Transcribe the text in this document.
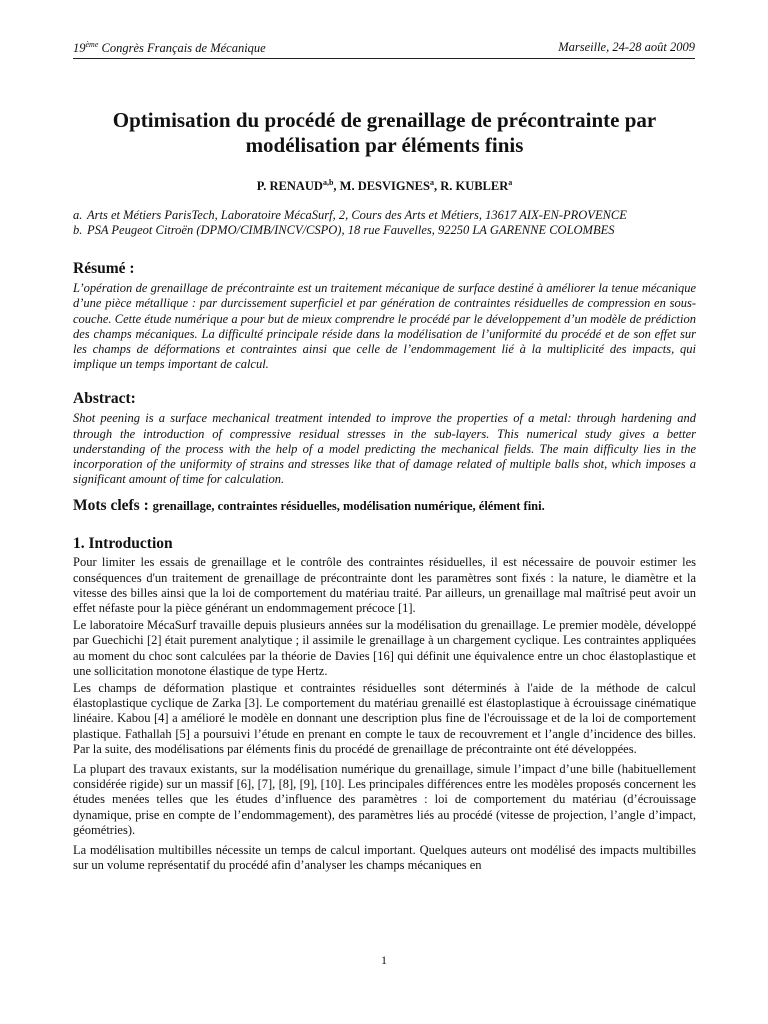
19ème Congrès Français de Mécanique	Marseille, 24-28 août 2009
Optimisation du procédé de grenaillage de précontrainte par modélisation par éléments finis

P. RENAUD$^{a,b}$, M. DESVIGNES$^a$, R. KUBLER$^a$

a. Arts et Métiers ParisTech, Laboratoire MécaSurf, 2, Cours des Arts et Métiers, 13617 AIX-EN-PROVENCE
b. PSA Peugeot Citroën (DPMO/CIMB/INCV/CSPO), 18 rue Fauvelles, 92250 LA GARENNE COLOMBES
Résumé :

L’opération de grenaillage de précontrainte est un traitement mécanique de surface destiné à améliorer la tenue mécanique d’une pièce métallique : par durcissement superficiel et par génération de contraintes résiduelles de compression en sous-couche. Cette étude numérique a pour but de mieux comprendre le procédé par le développement d’un modèle de prédiction des champs mécaniques. La difficulté principale réside dans la modélisation de l’uniformité du procédé et de son effet sur les champs de déformations et contraintes ainsi que celle de l’endommagement lié à la multiplicité des impacts, qui implique un temps important de calcul.

Abstract:

Shot peening is a surface mechanical treatment intended to improve the properties of a metal: through hardening and through the introduction of compressive residual stresses in the sub-layers. This numerical study gives a better understanding of the process with the help of a model predicting the mechanical fields. The main difficulty lies in the incorporation of the uniformity of strains and stresses like that of damage related of multiple balls shot, which imposes a significant amount of time for calculation.

Mots clefs : grenaillage, contraintes résiduelles, modélisation numérique, élément fini.

1. Introduction

Pour limiter les essais de grenaillage et le contrôle des contraintes résiduelles, il est nécessaire de pouvoir estimer les conséquences d'un traitement de grenaillage de précontrainte dont les paramètres sont fixés : la nature, le diamètre et la vitesse des billes ainsi que la loi de comportement du matériau traité. Par ailleurs, un grenaillage mal maîtrisé peut avoir un effet néfaste pour la pièce générant un endommagement précoce [1].

Le laboratoire MécaSurf travaille depuis plusieurs années sur la modélisation du grenaillage. Le premier modèle, développé par Guechichi [2] était purement analytique ; il assimile le grenaillage à un chargement cyclique. Les contraintes appliquées au moment du choc sont calculées par la théorie de Davies [16] qui définit une équivalence entre un choc élastoplastique et une sollicitation monotone élastique de type Hertz.

Les champs de déformation plastique et contraintes résiduelles sont déterminés à l'aide de la méthode de calcul élastoplastique cyclique de Zarka [3]. Le comportement du matériau grenaillé est élastoplastique à écrouissage cinématique linéaire. Kabou [4] a amélioré le modèle en donnant une description plus fine de l'écrouissage et de la loi de comportement plastique. Fathallah [5] a poursuivi l’étude en prenant en compte le taux de recouvrement et l’angle d’incidence des billes. Par la suite, des modélisations par éléments finis du procédé de grenaillage de précontrainte ont été développées.

La plupart des travaux existants, sur la modélisation numérique du grenaillage, simule l’impact d’une bille (habituellement considérée rigide) sur un massif [6], [7], [8], [9], [10]. Les principales différences entre les modèles proposés concernent les études menées telles que les études d’influence des paramètres : loi de comportement du matériau (d’écrouissage dynamique, prise en compte de l’endommagement), des paramètres liés au procédé (vitesse de projection, l’angle d’impact, géométries).

La modélisation multibilles nécessite un temps de calcul important. Quelques auteurs ont modélisé des impacts multibilles sur un volume représentatif du procédé afin d’analyser les champs mécaniques en

1
